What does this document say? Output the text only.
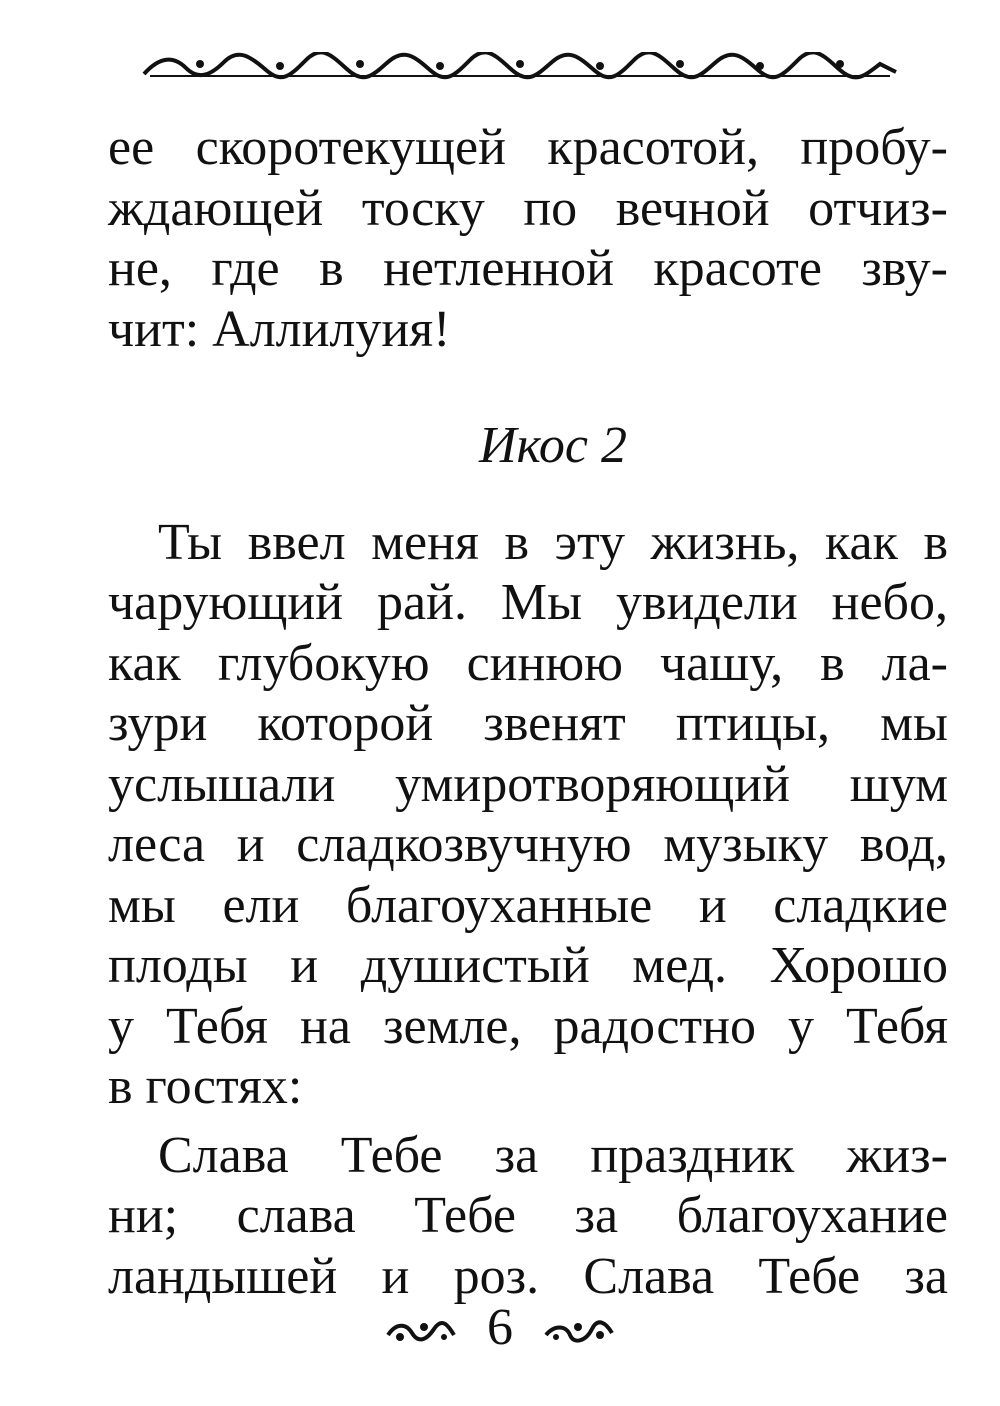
ее скоротекущей красотой, пробу-
ждающей тоску по вечной отчиз-
не, где в нетленной красоте зву-
чит: Аллилуия!
Икос 2
Ты ввел меня в эту жизнь, как в
чарующий рай. Мы увидели небо,
как глубокую синюю чашу, в ла-
зури которой звенят птицы, мы
услышали умиротворяющий шум
леса и сладкозвучную музыку вод,
мы ели благоуханные и сладкие
плоды и душистый мед. Хорошо
у Тебя на земле, радостно у Тебя
в гостях:
Слава Тебе за праздник жиз-
ни; слава Тебе за благоухание
ландышей и роз. Слава Тебе за
6
